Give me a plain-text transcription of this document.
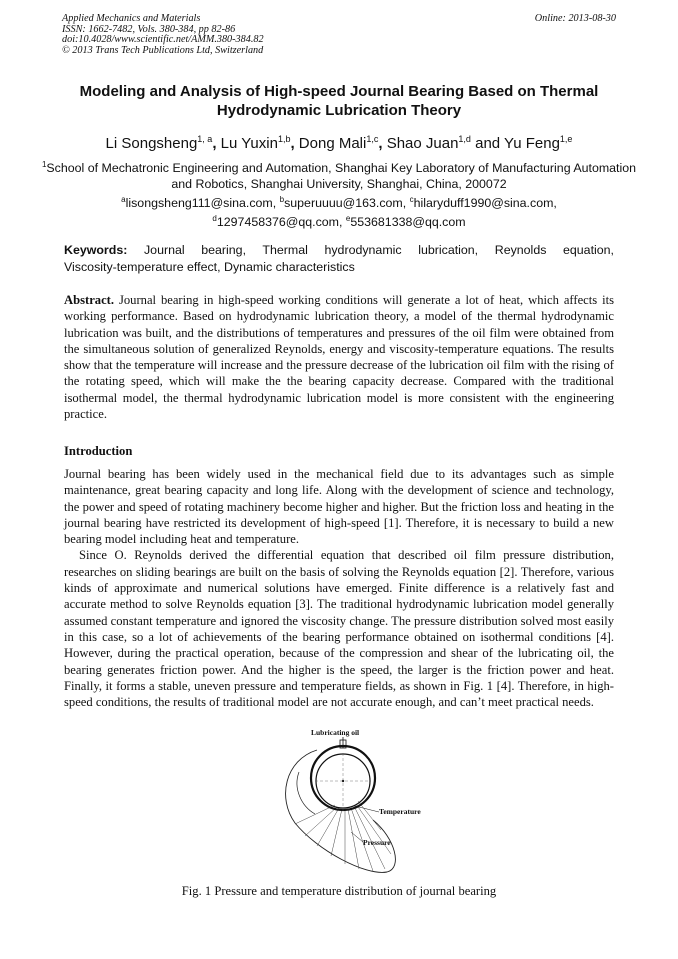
Applied Mechanics and Materials
ISSN: 1662-7482, Vols. 380-384, pp 82-86
doi:10.4028/www.scientific.net/AMM.380-384.82
© 2013 Trans Tech Publications Ltd, Switzerland
Online: 2013-08-30
Modeling and Analysis of High-speed Journal Bearing Based on Thermal Hydrodynamic Lubrication Theory
Li Songsheng$^{1, a}$, Lu Yuxin$^{1,b}$, Dong Mali$^{1,c}$, Shao Juan$^{1,d}$ and Yu Feng$^{1,e}$
$^1$School of Mechatronic Engineering and Automation, Shanghai Key Laboratory of Manufacturing Automation and Robotics, Shanghai University, Shanghai, China, 200072
$^a$lisongsheng111@sina.com, $^b$superuuuu@163.com, $^c$hilaryduff1990@sina.com,
$^d$1297458376@qq.com, $^e$553681338@qq.com
Keywords: Journal bearing, Thermal hydrodynamic lubrication, Reynolds equation,
Viscosity-temperature effect, Dynamic characteristics
Abstract. Journal bearing in high-speed working conditions will generate a lot of heat, which affects its working performance. Based on hydrodynamic lubrication theory, a model of the thermal hydrodynamic lubrication was built, and the distributions of temperatures and pressures of the oil film were obtained from the simultaneous solution of generalized Reynolds, energy and viscosity-temperature equations. The results show that the temperature will increase and the pressure decrease of the lubrication oil film with the rising of the rotating speed, which will make the the bearing capacity decrease. Compared with the traditional isothermal model, the thermal hydrodynamic lubrication model is more consistent with the engineering practice.
Introduction

Journal bearing has been widely used in the mechanical field due to its advantages such as simple maintenance, great bearing capacity and long life. Along with the development of science and technology, the power and speed of rotating machinery become higher and higher. But the friction loss and heating in the journal bearing have restricted its development of high-speed [1]. Therefore, it is necessary to build a new bearing model including heat and temperature.

Since O. Reynolds derived the differential equation that described oil film pressure distribution, researches on sliding bearings are built on the basis of solving the Reynolds equation [2]. Therefore, various kinds of approximate and numerical solutions have emerged. Finite difference is a relatively fast and accurate method to solve Reynolds equation [3]. The traditional hydrodynamic lubrication model generally assumed constant temperature and ignored the viscosity change. The pressure distribution solved most easily in this case, so a lot of achievements of the bearing performance obtained on isothermal conditions [4]. However, during the practical operation, because of the compression and shear of the lubricating oil, the bearing generates friction power. And the higher is the speed, the larger is the friction power and heat. Finally, it forms a stable, uneven pressure and temperature fields, as shown in Fig. 1 [4]. Therefore, in high-speed conditions, the results of traditional model are not accurate enough, and can’t meet practical needs.

Lubricating oil
Temperature
Pressure
Fig. 1 Pressure and temperature distribution of journal bearing
